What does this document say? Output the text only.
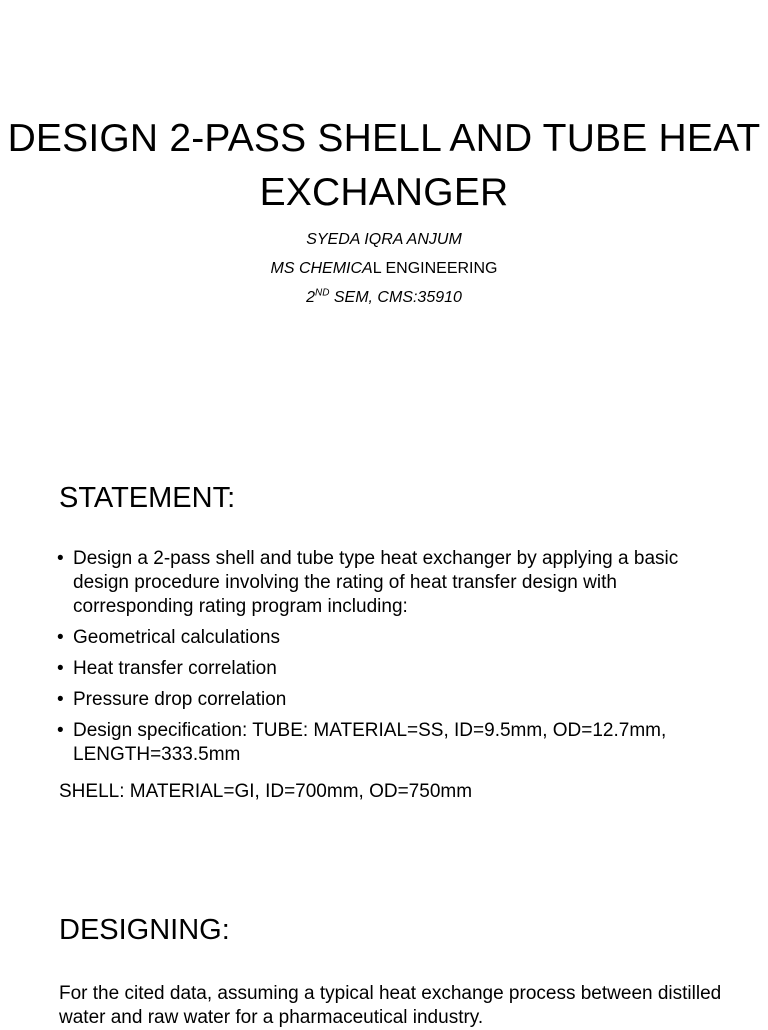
DESIGN 2-PASS SHELL AND TUBE HEAT EXCHANGER

SYEDA IQRA ANJUM

MS CHEMICAL ENGINEERING

2ND SEM, CMS:35910

STATEMENT:
• Design a 2-pass shell and tube type heat exchanger by applying a basic design procedure involving the rating of heat transfer design with corresponding rating program including:
• Geometrical calculations
• Heat transfer correlation
• Pressure drop correlation
• Design specification: TUBE: MATERIAL=SS, ID=9.5mm, OD=12.7mm, LENGTH=333.5mm

SHELL: MATERIAL=GI, ID=700mm, OD=750mm

DESIGNING:

For the cited data, assuming a typical heat exchange process between distilled water and raw water for a pharmaceutical industry.
